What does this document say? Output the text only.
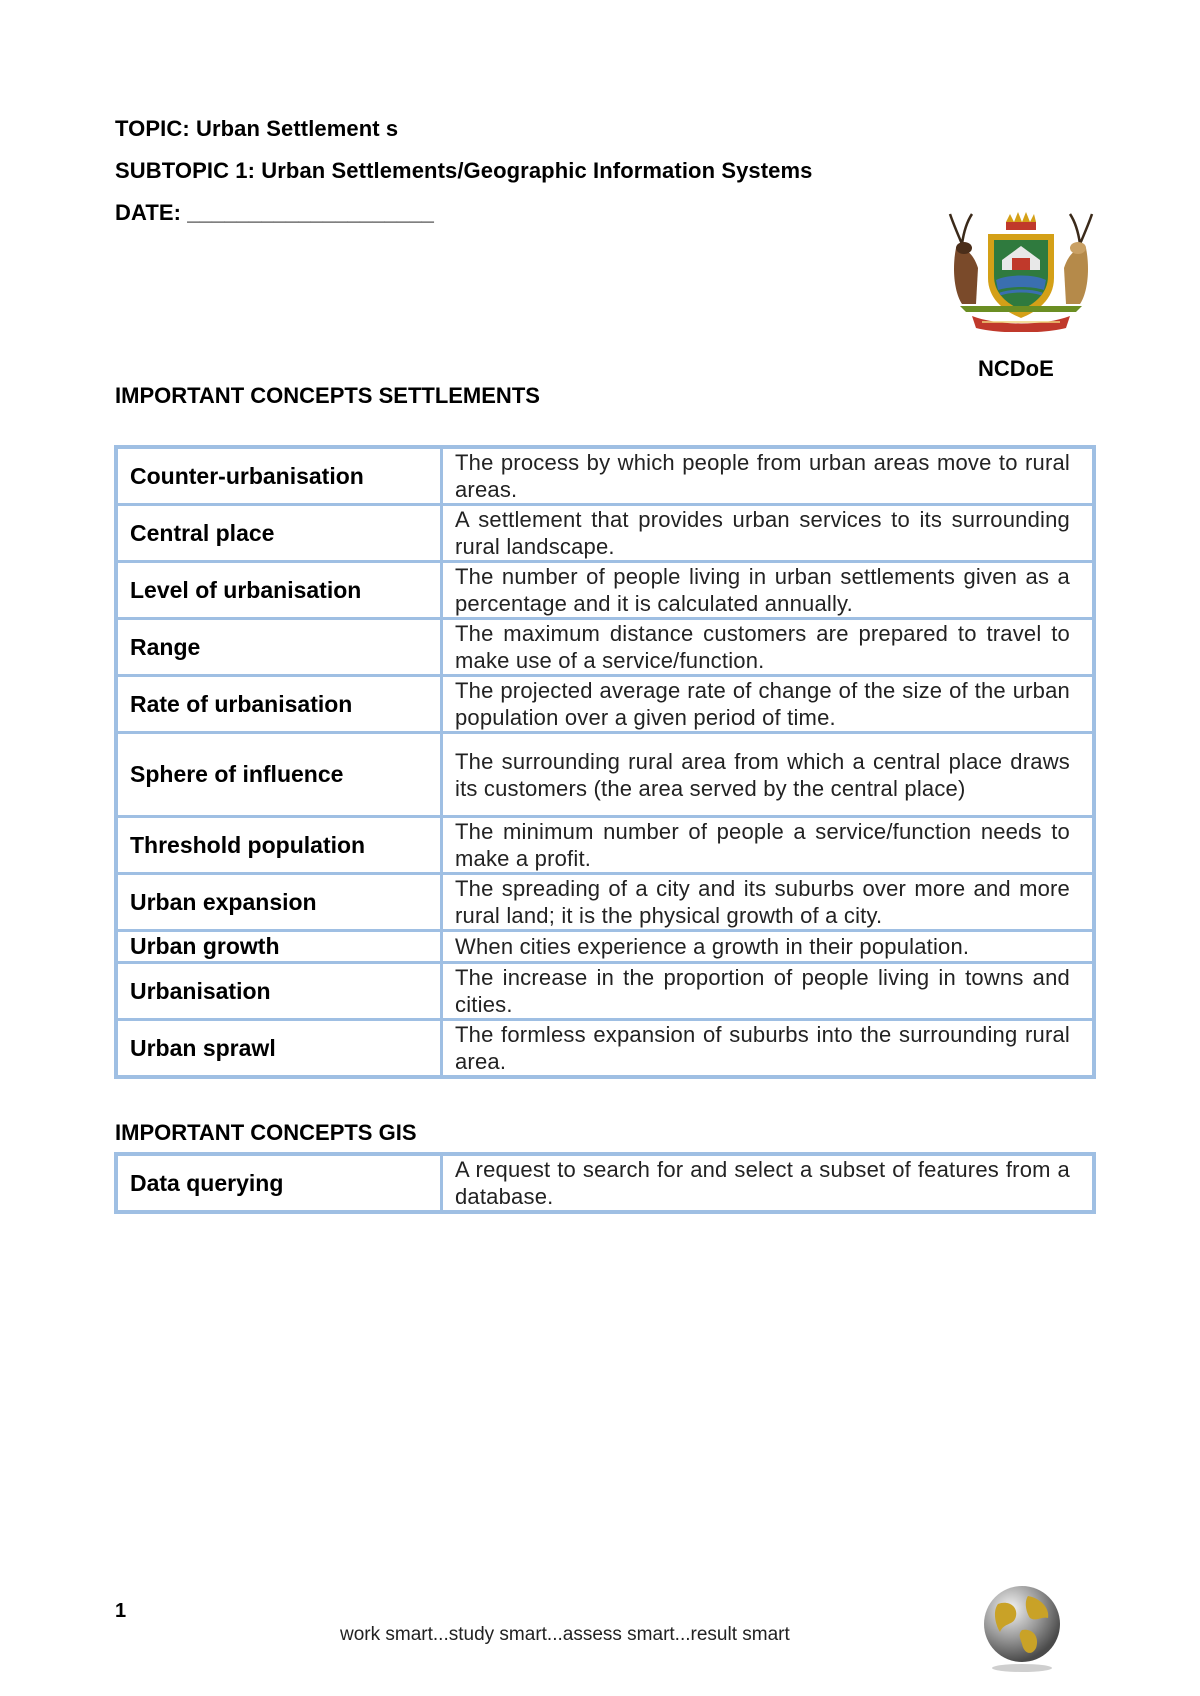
TOPIC: Urban Settlement s
SUBTOPIC 1: Urban Settlements/Geographic Information Systems
DATE: ____________________
NCDoE
IMPORTANT CONCEPTS SETTLEMENTS
Counter-urbanisation	The process by which people from urban areas move to rural areas.
Central place	A settlement that provides urban services to its surrounding rural landscape.
Level of urbanisation	The number of people living in urban settlements given as a percentage and it is calculated annually.
Range	The maximum distance customers are prepared to travel to make use of a service/function.
Rate of urbanisation	The projected average rate of change of the size of the urban population over a given period of time.
Sphere of influence	The surrounding rural area from which a central place draws its customers (the area served by the central place)
Threshold population	The minimum number of people a service/function needs to make a profit.
Urban expansion	The spreading of a city and its suburbs over more and more rural land; it is the physical growth of a city.
Urban growth	When cities experience a growth in their population.
Urbanisation	The increase in the proportion of people living in towns and cities.
Urban sprawl	The formless expansion of suburbs into the surrounding rural area.
IMPORTANT CONCEPTS GIS
Data querying	A request to search for and select a subset of features from a database.
1
work smart...study smart...assess smart...result smart
